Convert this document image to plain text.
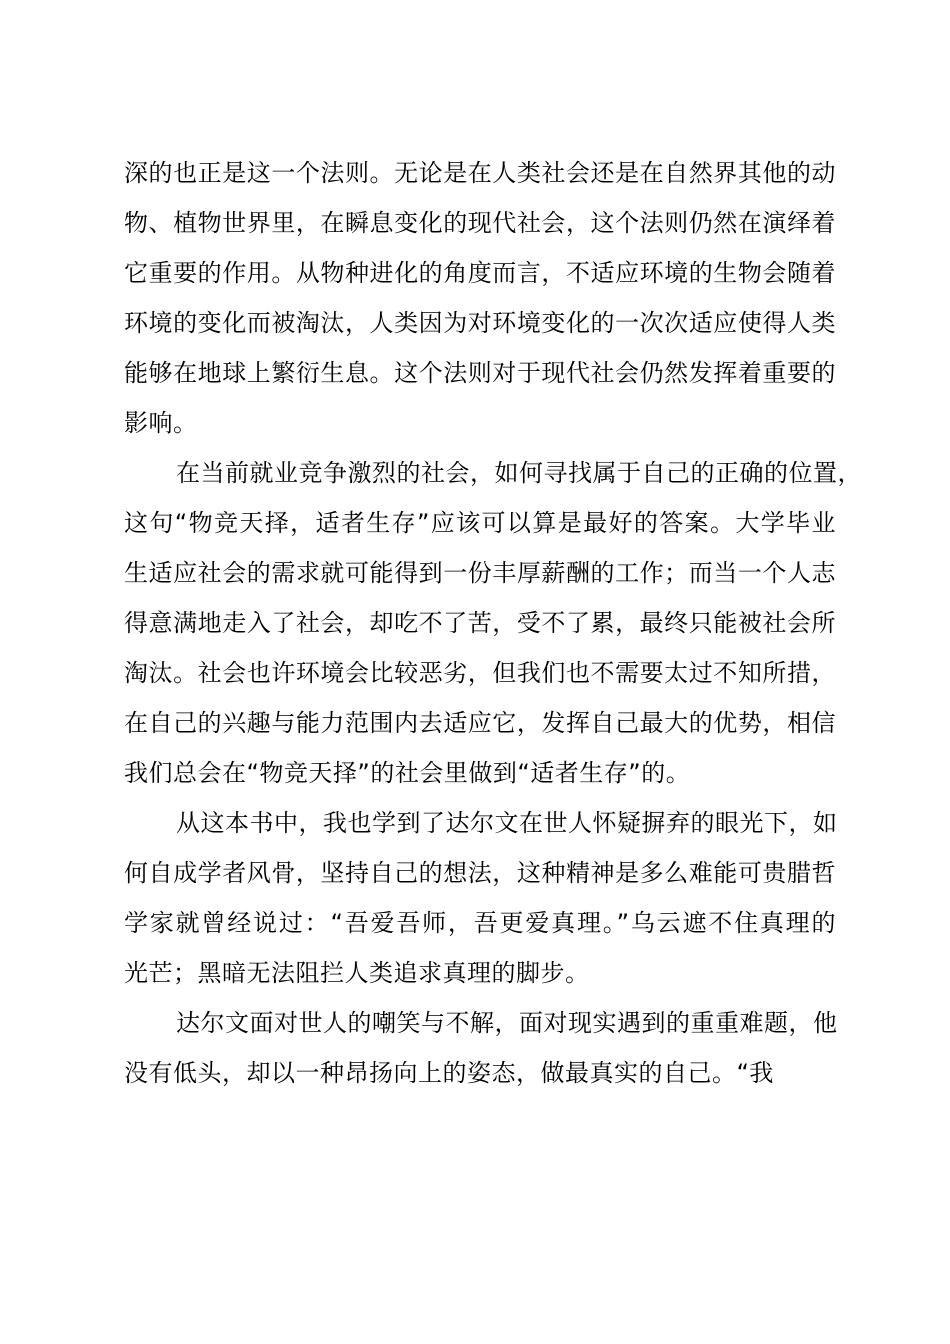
深的也正是这一个法则。无论是在人类社会还是在自然界其他的动
物、植物世界里，在瞬息变化的现代社会，这个法则仍然在演绎着
它重要的作用。从物种进化的角度而言，不适应环境的生物会随着
环境的变化而被淘汰，人类因为对环境变化的一次次适应使得人类
能够在地球上繁衍生息。这个法则对于现代社会仍然发挥着重要的
影响。
在当前就业竞争激烈的社会，如何寻找属于自己的正确的位置，
这句“物竞天择，适者生存”应该可以算是最好的答案。大学毕业
生适应社会的需求就可能得到一份丰厚薪酬的工作；而当一个人志
得意满地走入了社会，却吃不了苦，受不了累，最终只能被社会所
淘汰。社会也许环境会比较恶劣，但我们也不需要太过不知所措，
在自己的兴趣与能力范围内去适应它，发挥自己最大的优势，相信
我们总会在“物竞天择”的社会里做到“适者生存”的。
从这本书中，我也学到了达尔文在世人怀疑摒弃的眼光下，如
何自成学者风骨，坚持自己的想法，这种精神是多么难能可贵腊哲
学家就曾经说过：“吾爱吾师，吾更爱真理。”乌云遮不住真理的
光芒；黑暗无法阻拦人类追求真理的脚步。
达尔文面对世人的嘲笑与不解，面对现实遇到的重重难题，他
没有低头，却以一种昂扬向上的姿态，做最真实的自己。“我
